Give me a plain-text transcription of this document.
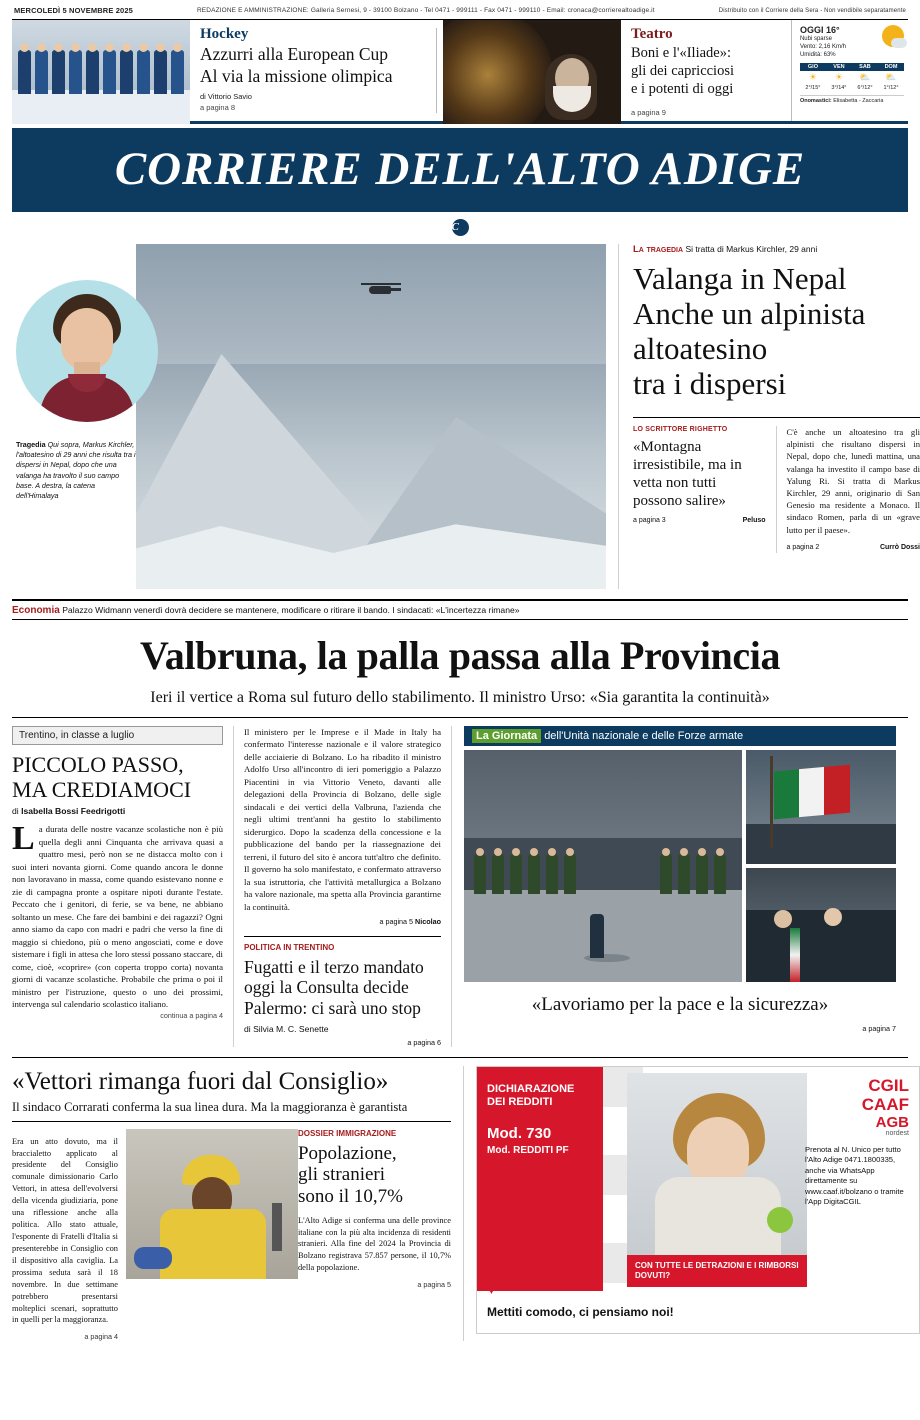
MERCOLEDÌ 5 NOVEMBRE 2025	REDAZIONE E AMMINISTRAZIONE: Galleria Sernesi, 9 - 39100 Bolzano - Tel 0471 - 999111 - Fax 0471 - 999110 - Email: cronaca@corrierealtoadige.it	Distribuito con il Corriere della Sera - Non vendibile separatamente
Hockey
Azzurri alla European Cup
Al via la missione olimpica
di Vittorio Savio
a pagina 8
Teatro
Boni e l'«Iliade»:
gli dei capricciosi
e i potenti di oggi
a pagina 9
OGGI 16°
Nubi sparse
Vento: 2,16 Km/h
Umidità: 63%
GIO	VEN	SAB	DOM
☀	☀	⛅	⛅
2°/15°	3°/14°	6°/12°	1°/12°
Onomastici: Elisabetta - Zaccaria
CORRIERE DELL'ALTO ADIGE
C
Tragedia Qui sopra, Markus Kirchler, l'altoatesino di 29 anni che risulta tra i dispersi in Nepal, dopo che una valanga ha travolto il suo campo base. A destra, la catena dell'Himalaya
La tragedia Si tratta di Markus Kirchler, 29 anni
Valanga in Nepal
Anche un alpinista
altoatesino
tra i dispersi
LO SCRITTORE RIGHETTO
«Montagna irresistibile, ma in vetta non tutti possono salire»
a pagina 3	Peluso
C'è anche un altoatesino tra gli alpinisti che risultano dispersi in Nepal, dopo che, lunedì mattina, una valanga ha investito il campo base di Yalung Ri. Si tratta di Markus Kirchler, 29 anni, originario di San Genesio ma residente a Monaco. Il sindaco Romen, parla di un «grave lutto per il paese».
a pagina 2	Currò Dossi
Economia Palazzo Widmann venerdì dovrà decidere se mantenere, modificare o ritirare il bando. I sindacati: «L'incertezza rimane»
Valbruna, la palla passa alla Provincia
Ieri il vertice a Roma sul futuro dello stabilimento. Il ministro Urso: «Sia garantita la continuità»
Trentino, in classe a luglio
PICCOLO PASSO,
MA CREDIAMOCI
di Isabella Bossi Feedrigotti
La durata delle nostre vacanze scolastiche non è più quella degli anni Cinquanta che arrivava quasi a quattro mesi, però non se ne distacca molto con i suoi interi novanta giorni. Come quando ancora le donne non lavoravano in massa, come quando esistevano nonne e zie di campagna pronte a ospitare nipoti durante l'estate. Peccato che i genitori, di ferie, se va bene, ne abbiano soltanto un mese. Che fare dei bambini e dei ragazzi? Ogni anno siamo da capo con madri e padri che verso la fine di maggio si chiedono, più o meno angosciati, come e dove sistemare i figli in attesa che loro stessi possano staccare, di come, cioè, «coprire» (con coperta troppo corta) novanta giorni di vacanze scolastiche. Probabile che prima o poi il ministro per l'istruzione, questo o uno dei prossimi, intervenga sul calendario scolastico italiano.
continua a pagina 4
Il ministero per le Imprese e il Made in Italy ha confermato l'interesse nazionale e il valore strategico delle acciaierie di Bolzano. Lo ha ribadito il ministro Adolfo Urso all'incontro di ieri pomeriggio a Palazzo Piacentini in via Vittorio Veneto, davanti alle delegazioni della Provincia di Bolzano, delle sigle sindacali e dei vertici della Valbruna, l'azienda che negli ultimi trent'anni ha gestito lo stabilimento siderurgico. Dopo la scadenza della concessione e la pubblicazione del bando per la riassegnazione dei terreni, il futuro del sito è ancora tutt'altro che definito. Il governo ha solo manifestato, e confermato attraverso la sua istruttoria, che l'attività metallurgica a Bolzano ha valore nazionale, ma spetta alla Provincia garantirne la continuità.
a pagina 5 Nicolao
POLITICA IN TRENTINO
Fugatti e il terzo mandato
oggi la Consulta decide
Palermo: ci sarà uno stop
di Silvia M. C. Senette
a pagina 6
La Giornata dell'Unità nazionale e delle Forze armate
«Lavoriamo per la pace e la sicurezza»
a pagina 7
«Vettori rimanga fuori dal Consiglio»
Il sindaco Corrarati conferma la sua linea dura. Ma la maggioranza è garantista
Era un atto dovuto, ma il braccialetto applicato al presidente del Consiglio comunale dimissionario Carlo Vettori, in attesa dell'evolversi della vicenda giudiziaria, pone una riflessione anche alla politica. Allo stato attuale, l'esponente di Fratelli d'Italia si presenterebbe in Consiglio con il dispositivo alla caviglia. La prossima seduta sarà il 18 novembre. In due settimane potrebbero presentarsi molteplici scenari, soprattutto in quelli per la maggioranza.
a pagina 4
DOSSIER IMMIGRAZIONE
Popolazione,
gli stranieri
sono il 10,7%
L'Alto Adige si conferma una delle province italiane con la più alta incidenza di residenti stranieri. Alla fine del 2024 la Provincia di Bolzano registrava 57.857 persone, il 10,7% della popolazione.
a pagina 5
DICHIARAZIONE
DEI REDDITI
Mod. 730
Mod. REDDITI PF
CGIL
CAAF
AGB
nordest
Prenota al N. Unico per tutto l'Alto Adige 0471.1800335, anche via WhatsApp direttamente su www.caaf.it/bolzano o tramite l'App DigitaCGIL
CON TUTTE LE DETRAZIONI E I RIMBORSI DOVUTI?
♥
Mettiti comodo, ci pensiamo noi!
